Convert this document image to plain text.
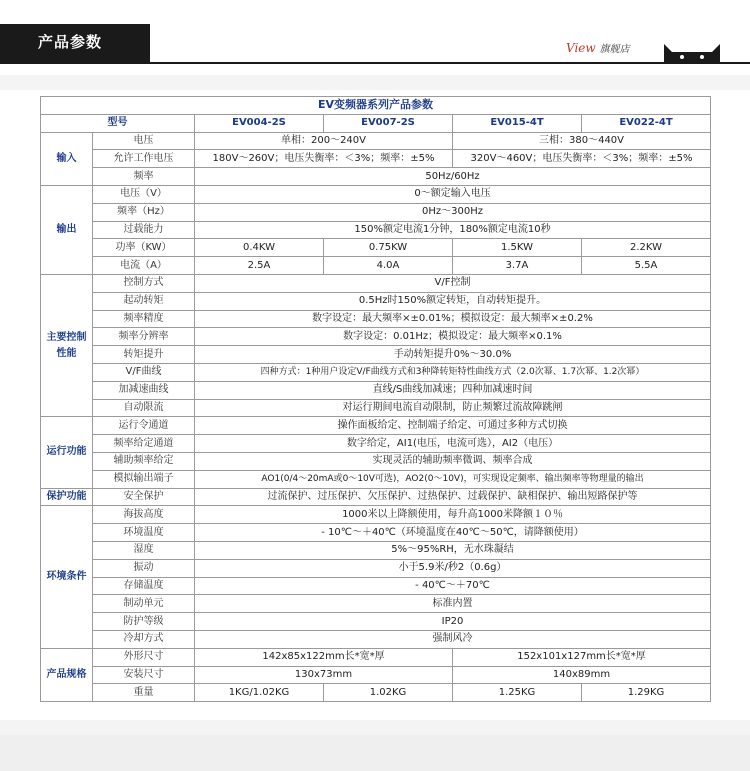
产品参数	View 旗舰店
EV变频器系列产品参数					
型号		EV004-2S	EV007-2S	EV015-4T	EV022-4T
输入	电压	单相：200～240V		三相：380～440V	
	允许工作电压	180V～260V；电压失衡率：＜3%；频率：±5%		320V～460V；电压失衡率：＜3%；频率：±5%	
	频率	50Hz/60Hz			
输出	电压（V）	0～额定输入电压			
	频率（Hz）	0Hz～300Hz			
	过载能力	150%额定电流1分钟，180%额定电流10秒			
	功率（KW）	0.4KW	0.75KW	1.5KW	2.2KW
	电流（A）	2.5A	4.0A	3.7A	5.5A
主要控制性能	控制方式	V/F控制			
	起动转矩	0.5Hz时150%额定转矩，自动转矩提升。			
	频率精度	数字设定：最大频率×±0.01%；模拟设定：最大频率×±0.2%			
	频率分辨率	数字设定：0.01Hz；模拟设定：最大频率×0.1%			
	转矩提升	手动转矩提升0%～30.0%			
	V/F曲线	四种方式：1种用户设定V/F曲线方式和3种降转矩特性曲线方式（2.0次幂、1.7次幂、1.2次幂）			
	加减速曲线	直线/S曲线加减速；四种加减速时间			
	自动限流	对运行期间电流自动限制，防止频繁过流故障跳闸			
运行功能	运行令通道	操作面板给定、控制端子给定、可通过多种方式切换			
	频率给定通道	数字给定，AI1(电压，电流可选），AI2（电压）			
	辅助频率给定	实现灵活的辅助频率微调、频率合成			
	模拟输出端子	AO1(0/4～20mA或0～10V可选)，AO2(0～10V)，可实现设定频率、输出频率等物理量的输出			
保护功能	安全保护	过流保护、过压保护、欠压保护、过热保护、过载保护、缺相保护、输出短路保护等			
环境条件	海拔高度	1000米以上降额使用，每升高1000米降额１０％			
	环境温度	- 10℃～＋40℃（环境温度在40℃～50℃，请降额使用）			
	湿度	5%～95%RH，无水珠凝结			
	振动	小于5.9米/秒2（0.6g）			
	存储温度	- 40℃～＋70℃			
	制动单元	标准内置			
	防护等级	IP20			
	冷却方式	强制风冷			
产品规格	外形尺寸	142x85x122mm长*宽*厚		152x101x127mm长*宽*厚	
	安装尺寸	130x73mm		140x89mm	
	重量	1KG/1.02KG	1.02KG	1.25KG	1.29KG
